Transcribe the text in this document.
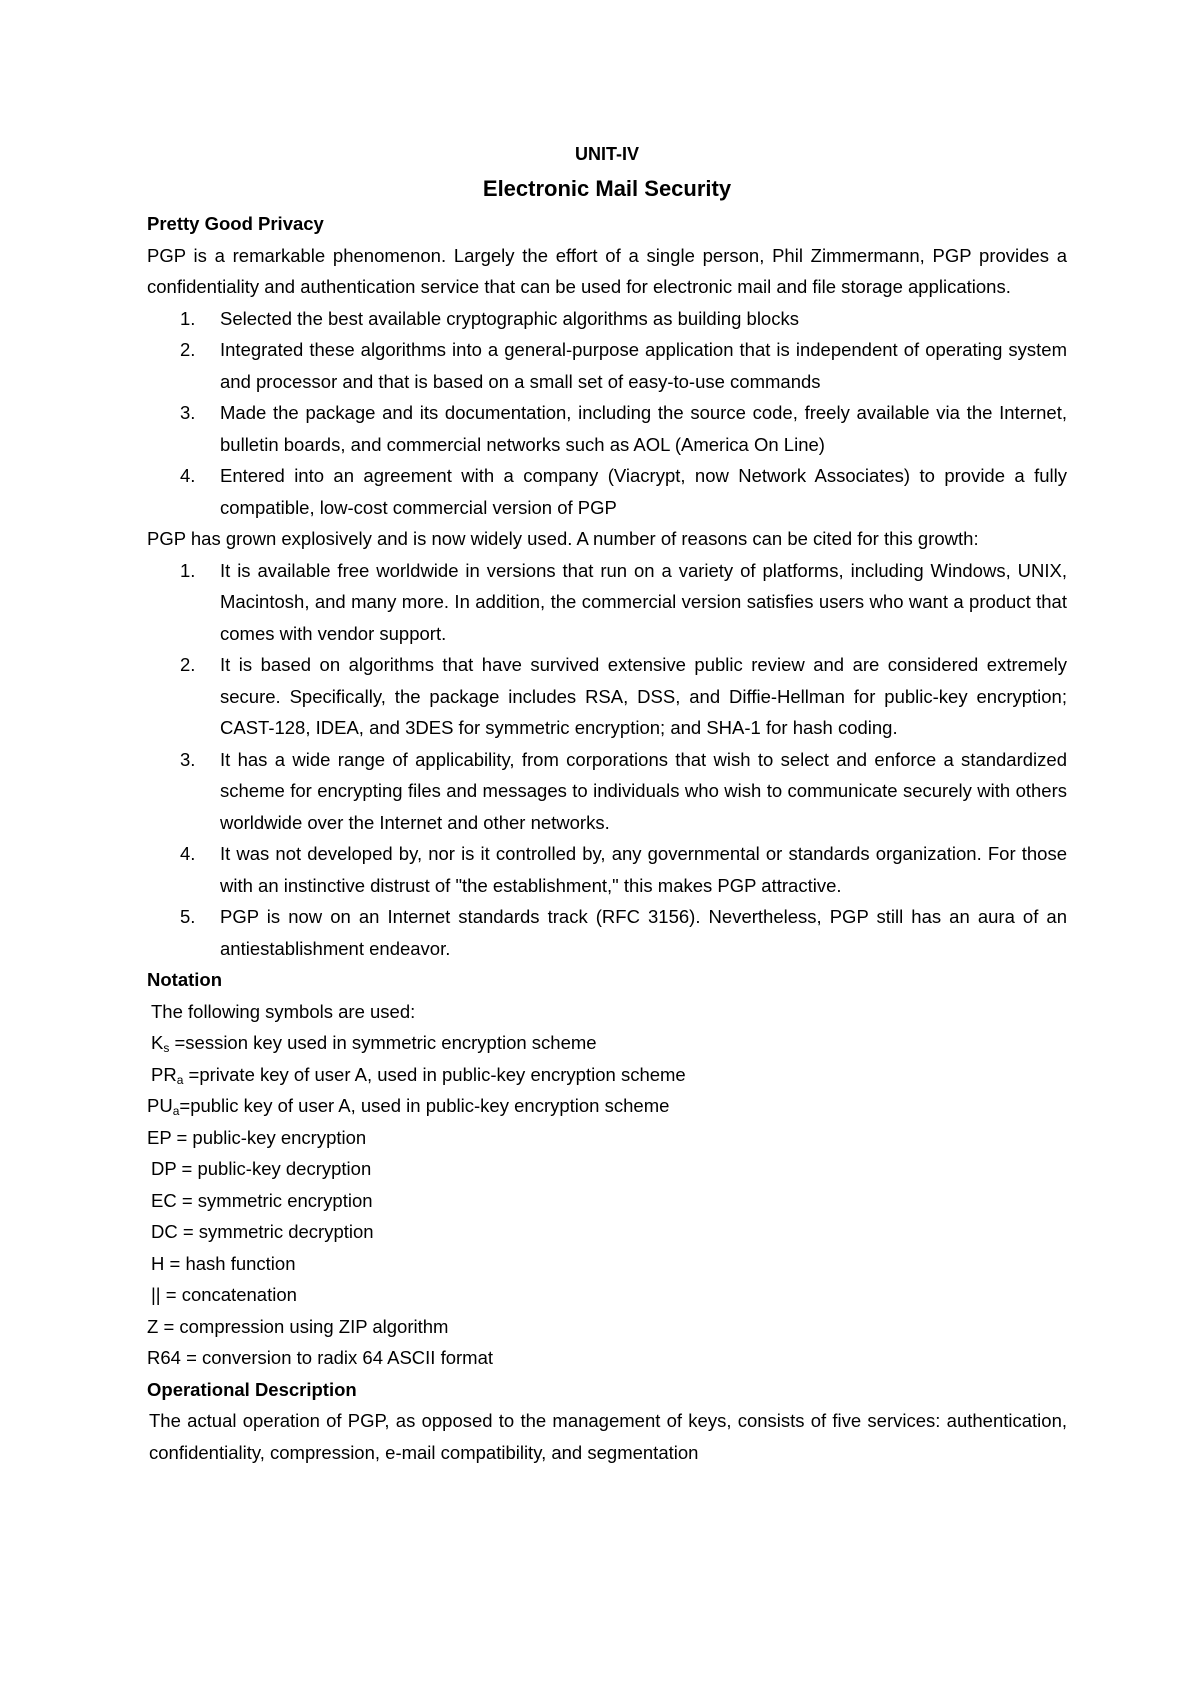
UNIT-IV

Electronic Mail Security

Pretty Good Privacy

PGP is a remarkable phenomenon. Largely the effort of a single person, Phil Zimmermann, PGP provides a confidentiality and authentication service that can be used for electronic mail and file storage applications.

1.	Selected the best available cryptographic algorithms as building blocks
2.	Integrated these algorithms into a general-purpose application that is independent of operating system and processor and that is based on a small set of easy-to-use commands
3.	Made the package and its documentation, including the source code, freely available via the Internet, bulletin boards, and commercial networks such as AOL (America On Line)
4.	Entered into an agreement with a company (Viacrypt, now Network Associates) to provide a fully compatible, low-cost commercial version of PGP

PGP has grown explosively and is now widely used. A number of reasons can be cited for this growth:

1.	It is available free worldwide in versions that run on a variety of platforms, including Windows, UNIX, Macintosh, and many more. In addition, the commercial version satisfies users who want a product that comes with vendor support.
2.	It is based on algorithms that have survived extensive public review and are considered extremely secure. Specifically, the package includes RSA, DSS, and Diffie-Hellman for public-key encryption; CAST-128, IDEA, and 3DES for symmetric encryption; and SHA-1 for hash coding.
3.	It has a wide range of applicability, from corporations that wish to select and enforce a standardized scheme for encrypting files and messages to individuals who wish to communicate securely with others worldwide over the Internet and other networks.
4.	It was not developed by, nor is it controlled by, any governmental or standards organization. For those with an instinctive distrust of "the establishment," this makes PGP attractive.
5.	PGP is now on an Internet standards track (RFC 3156). Nevertheless, PGP still has an aura of an antiestablishment endeavor.

Notation

The following symbols are used:
$K_s$ =session key used in symmetric encryption scheme
$PR_a$ =private key of user A, used in public-key encryption scheme
$PU_a=public$ key of user A, used in public-key encryption scheme
EP = public-key encryption
DP = public-key decryption
EC = symmetric encryption
DC = symmetric decryption
H = hash function
|| = concatenation
Z = compression using ZIP algorithm
R64 = conversion to radix 64 ASCII format

Operational Description

The actual operation of PGP, as opposed to the management of keys, consists of five services: authentication, confidentiality, compression, e-mail compatibility, and segmentation
